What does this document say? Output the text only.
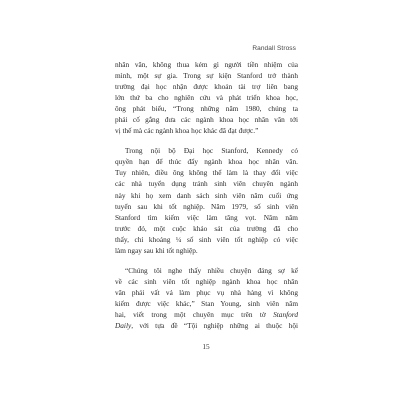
Randall Stross
nhân văn, không thua kém gì người tiền nhiệm của
mình, một sự gia. Trong sự kiện Stanford trở thành
trường đại học nhận được khoản tài trợ liên bang
lớn thứ ba cho nghiên cứu và phát triển khoa học,
ông phát biểu, “Trong những năm 1980, chúng ta
phải cố gắng đưa các ngành khoa học nhân văn tới
vị thế mà các ngành khoa học khác đã đạt được.”
Trong nội bộ Đại học Stanford, Kennedy có
quyền hạn để thúc đẩy ngành khoa học nhân văn.
Tuy nhiên, điều ông không thể làm là thay đổi việc
các nhà tuyển dụng tránh sinh viên chuyên ngành
này khi họ xem danh sách sinh viên năm cuối ứng
tuyển sau khi tốt nghiệp. Năm 1979, số sinh viên
Stanford tìm kiếm việc làm tăng vọt. Năm năm
trước đó, một cuộc khảo sát của trường đã cho
thấy, chỉ khoảng ¼ số sinh viên tốt nghiệp có việc
làm ngay sau khi tốt nghiệp.
“Chúng tôi nghe thấy nhiều chuyện đáng sợ kể
về các sinh viên tốt nghiệp ngành khoa học nhân
văn phải vất vả làm phục vụ nhà hàng vì không
kiếm được việc khác,” Stan Young, sinh viên năm
hai, viết trong một chuyên mục trên tờ Stanford
Daily, với tựa đề “Tội nghiệp những ai thuộc hội
15
